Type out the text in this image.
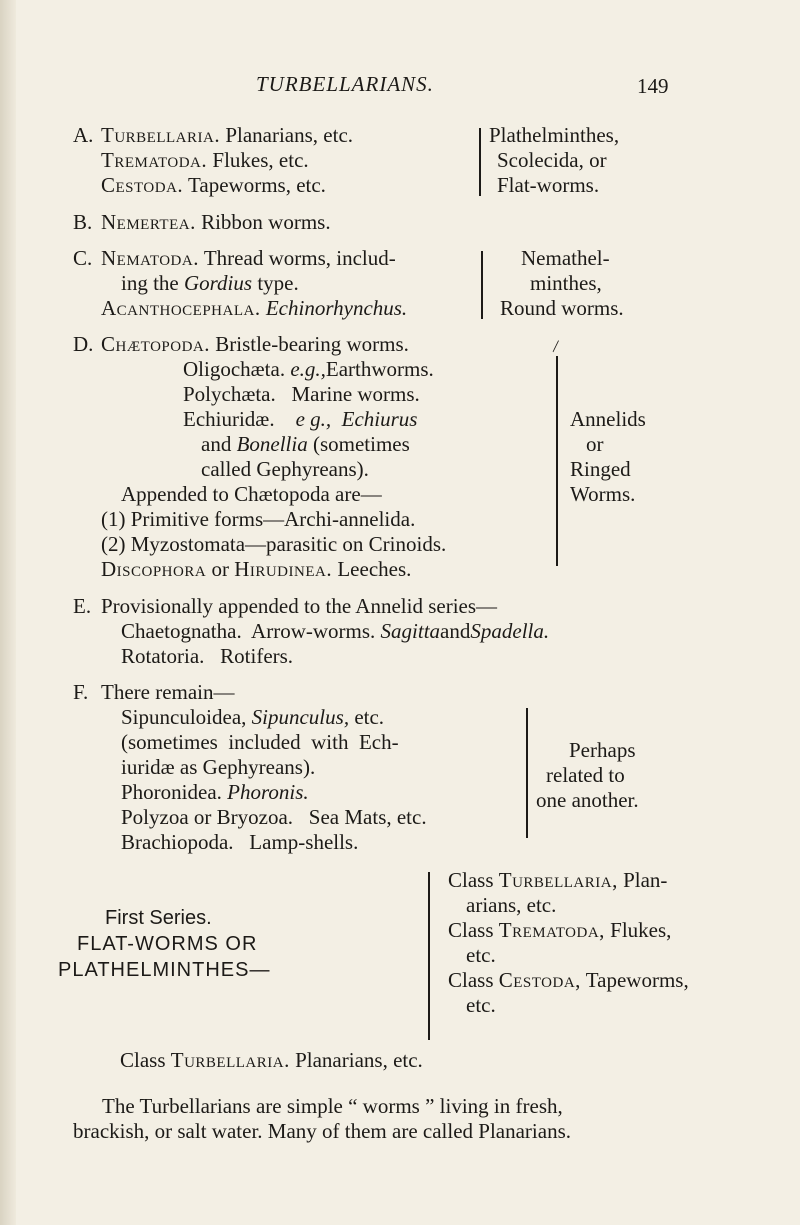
TURBELLARIANS.	149
A. Turbellaria. Planarians, etc.
Trematoda. Flukes, etc.
Cestoda. Tapeworms, etc.
Plathelminthes,
Scolecida, or
Flat-worms.
B. Nemertea. Ribbon worms.
C. Nematoda. Thread worms, includ-
ing the Gordius type.
Acanthocephala. Echinorhynchus.
Nemathel-
minthes,
Round worms.
D. Chætopoda. Bristle-bearing worms.
Oligochæta. e.g.,Earthworms.
Polychæta.   Marine worms.
Echiuridæ. e g., Echiurus
and Bonellia (sometimes
called Gephyreans).
Appended to Chætopoda are—
(1) Primitive forms—Archi-annelida.
(2) Myzostomata—parasitic on Crinoids.
Discophora or Hirudinea. Leeches.
\
Annelids
or
Ringed
Worms.
E. Provisionally appended to the Annelid series—
Chaetognatha.  Arrow-worms. SagittaandSpadella.
Rotatoria.   Rotifers.
F. There remain—
Sipunculoidea, Sipunculus, etc.
(sometimes  included  with  Ech-
iuridæ as Gephyreans).
Phoronidea. Phoronis.
Polyzoa or Bryozoa.   Sea Mats, etc.
Brachiopoda.   Lamp-shells.
Perhaps
related to
one another.
First Series.
FLAT-WORMS OR
PLATHELMINTHES—
Class Turbellaria, Plan-
arians, etc.
Class Trematoda, Flukes,
etc.
Class Cestoda, Tapeworms,
etc.
Class Turbellaria. Planarians, etc.
The Turbellarians are simple “ worms ” living in fresh,
brackish, or salt water. Many of them are called Planarians.
